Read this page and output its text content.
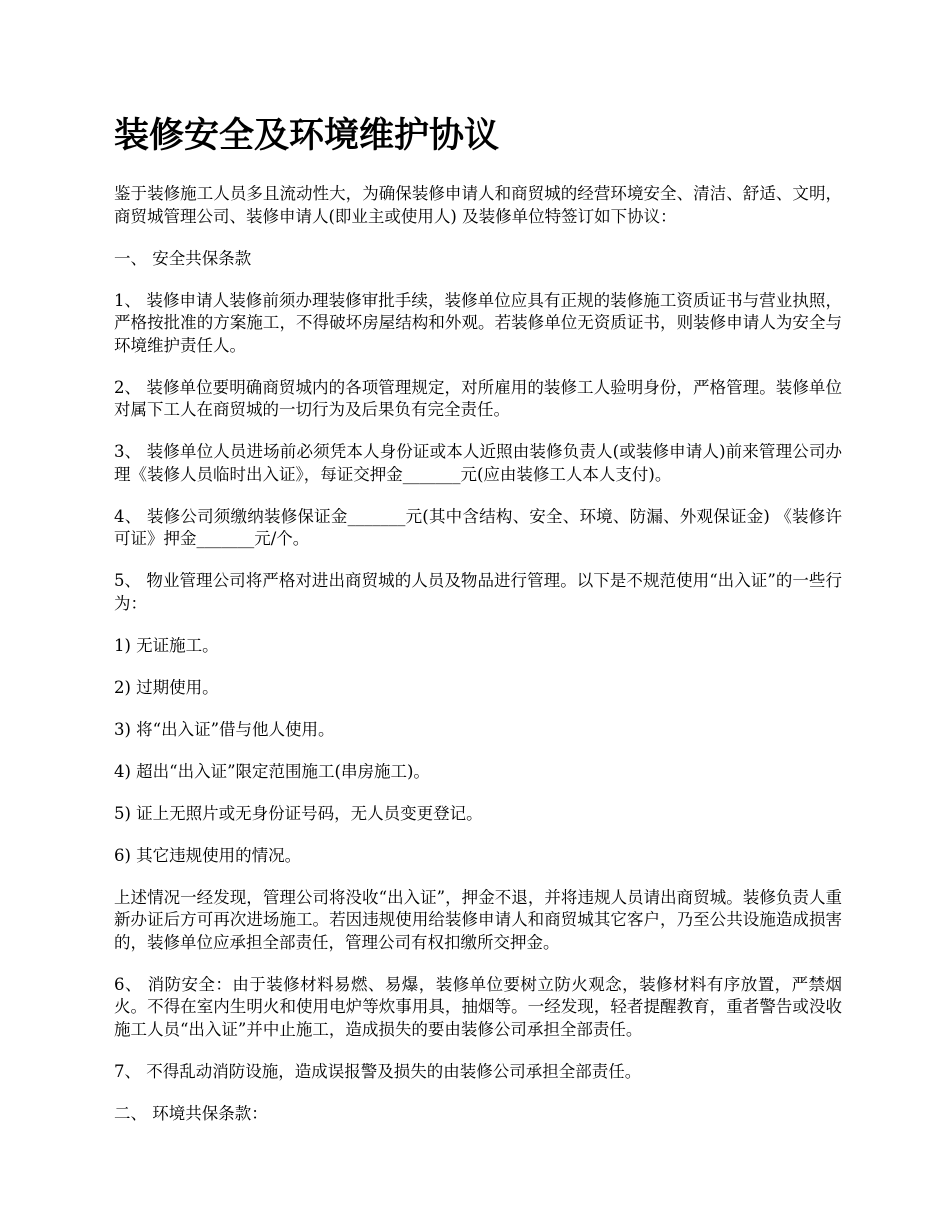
装修安全及环境维护协议

鉴于装修施工人员多且流动性大，为确保装修申请人和商贸城的经营环境安全、清洁、舒适、文明，商贸城管理公司、装修申请人(即业主或使用人) 及装修单位特签订如下协议：

一、 安全共保条款

1、 装修申请人装修前须办理装修审批手续，装修单位应具有正规的装修施工资质证书与营业执照，严格按批准的方案施工，不得破坏房屋结构和外观。若装修单位无资质证书，则装修申请人为安全与环境维护责任人。

2、 装修单位要明确商贸城内的各项管理规定，对所雇用的装修工人验明身份，严格管理。装修单位对属下工人在商贸城的一切行为及后果负有完全责任。

3、 装修单位人员进场前必须凭本人身份证或本人近照由装修负责人(或装修申请人)前来管理公司办理《装修人员临时出入证》，每证交押金_______元(应由装修工人本人支付)。

4、 装修公司须缴纳装修保证金_______元(其中含结构、安全、环境、防漏、外观保证金) 《装修许可证》押金_______元/个。

5、 物业管理公司将严格对进出商贸城的人员及物品进行管理。以下是不规范使用“出入证”的一些行为：

1) 无证施工。

2) 过期使用。

3) 将“出入证”借与他人使用。

4) 超出“出入证”限定范围施工(串房施工)。

5) 证上无照片或无身份证号码，无人员变更登记。

6) 其它违规使用的情况。

上述情况一经发现，管理公司将没收“出入证”，押金不退，并将违规人员请出商贸城。装修负责人重新办证后方可再次进场施工。若因违规使用给装修申请人和商贸城其它客户，乃至公共设施造成损害的，装修单位应承担全部责任，管理公司有权扣缴所交押金。

6、 消防安全：由于装修材料易燃、易爆，装修单位要树立防火观念，装修材料有序放置，严禁烟火。不得在室内生明火和使用电炉等炊事用具，抽烟等。一经发现，轻者提醒教育，重者警告或没收施工人员“出入证”并中止施工，造成损失的要由装修公司承担全部责任。

7、 不得乱动消防设施，造成误报警及损失的由装修公司承担全部责任。

二、 环境共保条款：
